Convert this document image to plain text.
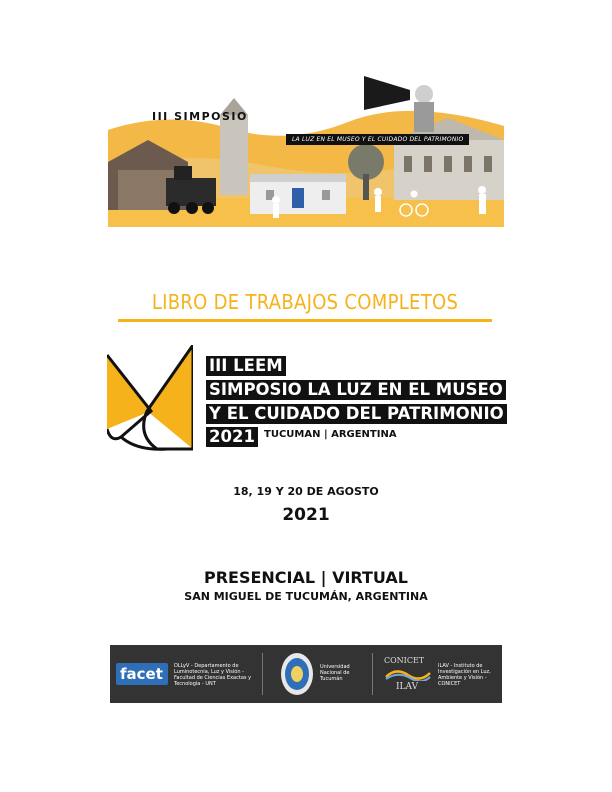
III SIMPOSIO
LA LUZ EN EL MUSEO Y EL CUIDADO DEL PATRIMONIO
LIBRO DE TRABAJOS COMPLETOS
III LEEM
SIMPOSIO LA LUZ EN EL MUSEO
Y EL CUIDADO DEL PATRIMONIO
2021 TUCUMAN | ARGENTINA
18, 19 Y 20 DE AGOSTO
2021
PRESENCIAL | VIRTUAL
SAN MIGUEL DE TUCUMÁN, ARGENTINA
facet DLLyV - Departamento de Luminotecnia, Luz y Visión - Facultad de Ciencias Exactas y Tecnología - UNT
Universidad Nacional de Tucumán
CONICET
ILAV
ILAV - Instituto de Investigación en Luz, Ambiente y Visión - CONICET
